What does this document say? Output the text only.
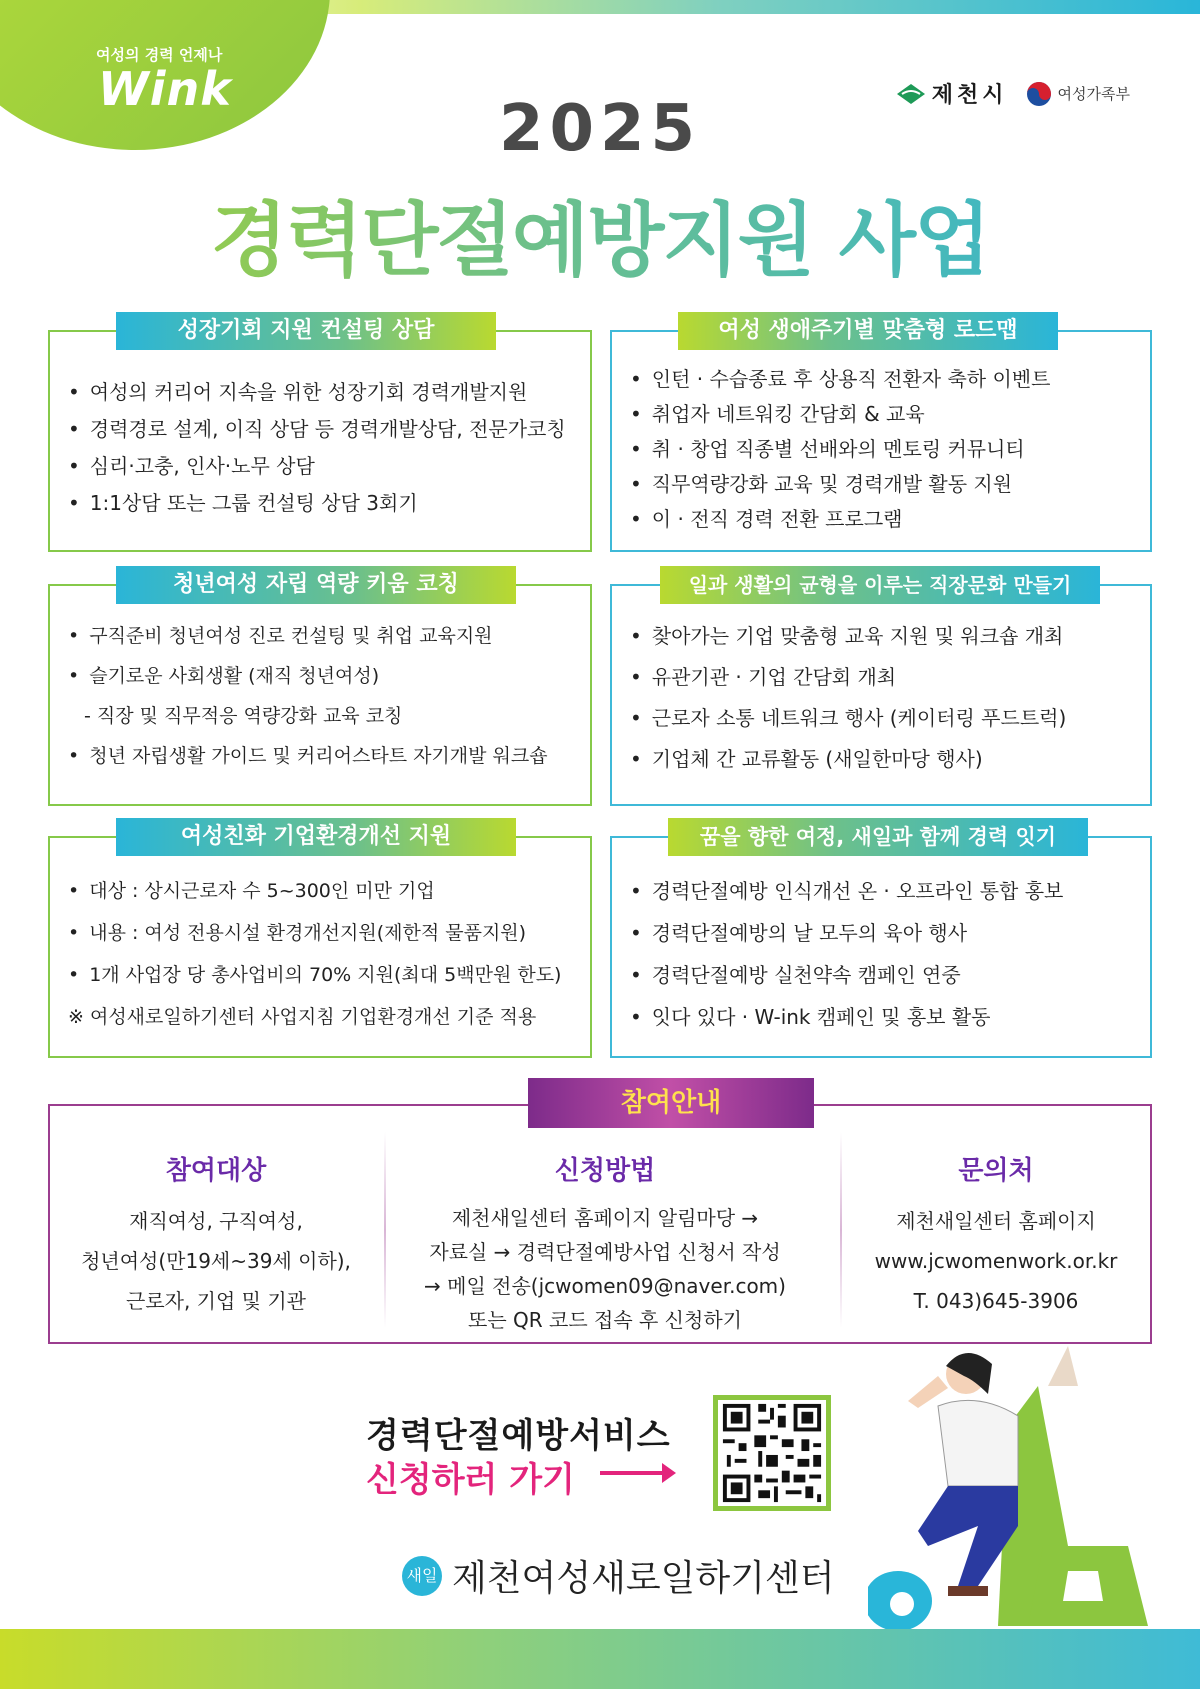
여성의 경력 언제나
Wink	제천시	여성가족부
2025
경력단절예방지원 사업
성장기회 지원 컨설팅 상담
• 여성의 커리어 지속을 위한 성장기회 경력개발지원
• 경력경로 설계, 이직 상담 등 경력개발상담, 전문가코칭
• 심리·고충, 인사·노무 상담
• 1:1상담 또는 그룹 컨설팅 상담 3회기
여성 생애주기별 맞춤형 로드맵
• 인턴 · 수습종료 후 상용직 전환자 축하 이벤트
• 취업자 네트워킹 간담회 & 교육
• 취 · 창업 직종별 선배와의 멘토링 커뮤니티
• 직무역량강화 교육 및 경력개발 활동 지원
• 이 · 전직 경력 전환 프로그램
청년여성 자립 역량 키움 코칭
• 구직준비 청년여성 진로 컨설팅 및 취업 교육지원
• 슬기로운 사회생활 (재직 청년여성)
- 직장 및 직무적응 역량강화 교육 코칭
• 청년 자립생활 가이드 및 커리어스타트 자기개발 워크숍
일과 생활의 균형을 이루는 직장문화 만들기
• 찾아가는 기업 맞춤형 교육 지원 및 워크숍 개최
• 유관기관 · 기업 간담회 개최
• 근로자 소통 네트워크 행사 (케이터링 푸드트럭)
• 기업체 간 교류활동 (새일한마당 행사)
여성친화 기업환경개선 지원
• 대상 : 상시근로자 수 5~300인 미만 기업
• 내용 : 여성 전용시설 환경개선지원(제한적 물품지원)
• 1개 사업장 당 총사업비의 70% 지원(최대 5백만원 한도)
※ 여성새로일하기센터 사업지침 기업환경개선 기준 적용
꿈을 향한 여정, 새일과 함께 경력 잇기
• 경력단절예방 인식개선 온 · 오프라인 통합 홍보
• 경력단절예방의 날 모두의 육아 행사
• 경력단절예방 실천약속 캠페인 연중
• 잇다 있다 · W-ink 캠페인 및 홍보 활동
참여안내
참여대상

재직여성, 구직여성,

청년여성(만19세~39세 이하),

근로자, 기업 및 기관

신청방법

제천새일센터 홈페이지 알림마당 →

자료실 → 경력단절예방사업 신청서 작성

→ 메일 전송(jcwomen09@naver.com)

또는 QR 코드 접속 후 신청하기

문의처

제천새일센터 홈페이지

www.jcwomenwork.or.kr

T. 043)645-3906

경력단절예방서비스
신청하러 가기
새일 제천여성새로일하기센터
